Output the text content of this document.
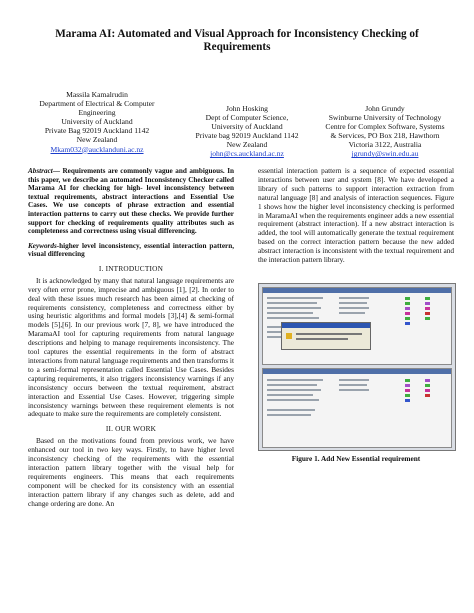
Marama AI: Automated and Visual Approach for Inconsistency Checking of Requirements
Massila Kamalrudin
Department of Electrical & Computer
Engineering
University of Auckland
Private Bag 92019 Auckland 1142
New Zealand
Mkam032@aucklanduni.ac.nz
John Hosking
Dept of Computer Science,
University of Auckland
Private bag 92019 Auckland 1142
New Zealand
john@cs.auckland.ac.nz
John Grundy
Swinburne University of Technology
Centre for Complex Software, Systems
& Services, PO Box 218, Hawthorn
Victoria 3122, Australia
jgrundy@swin.edu.au
Abstract— Requirements are commonly vague and ambiguous. In this paper, we describe an automated Inconsistency Checker called Marama AI for checking for high- level inconsistency between textual requirements, abstract interactions and Essential Use Cases. We use concepts of phrase extraction and essential interaction patterns to carry out these checks. We provide further support for checking of requirements quality attributes such as completeness and correctness using visual differencing.
Keywords-higher level inconsistency, essential interaction pattern, visual differencing
I. INTRODUCTION

It is acknowledged by many that natural language requirements are very often error prone, imprecise and ambiguous [1], [2]. In order to deal with these issues much research has been aimed at checking of requirements consistency, completeness and correctness either by using heuristic algorithms and formal models [3],[4] & semi-formal models [5],[6]. In our previous work [7, 8], we have introduced the MaramaAI tool for capturing requirements from natural language descriptions and helping to manage requirements inconsistency. The tool captures the essential requirements in the form of abstract interactions from natural language requirements and then transforms it to a semi-formal representation called Essential Use Cases. Besides capturing requirements, it also triggers inconsistency warnings if any inconsistency occurs between the textual requirement, abstract interaction and Essential Use Cases. However, triggering simple inconsistency warnings between these requirement elements is not adequate to make sure the requirements are completely consistent.

II. OUR WORK

Based on the motivations found from previous work, we have enhanced our tool in two key ways. Firstly, to have higher level inconsistency checking of the requirements with the essential interaction pattern library together with the visual help for requirements engineers. This means that each requirements component will be checked for its consistency with an essential interaction pattern library if any changes such as delete, add and change ordering are done. An

essential interaction pattern is a sequence of expected essential interactions between user and system [8]. We have developed a library of such patterns to support interaction extraction from natural language [8] and analysis of interaction sequences. Figure 1 shows how the higher level inconsistency checking is performed in MaramaAI when the requirements engineer adds a new essential requirement (abstract interaction). If a new abstract interaction is added, the tool will automatically generate the textual requirement based on the correct interaction pattern because the new added abstract interaction is inconsistent with the textual requirement and the interaction pattern library.

Figure 1. Add New Essential requirement
